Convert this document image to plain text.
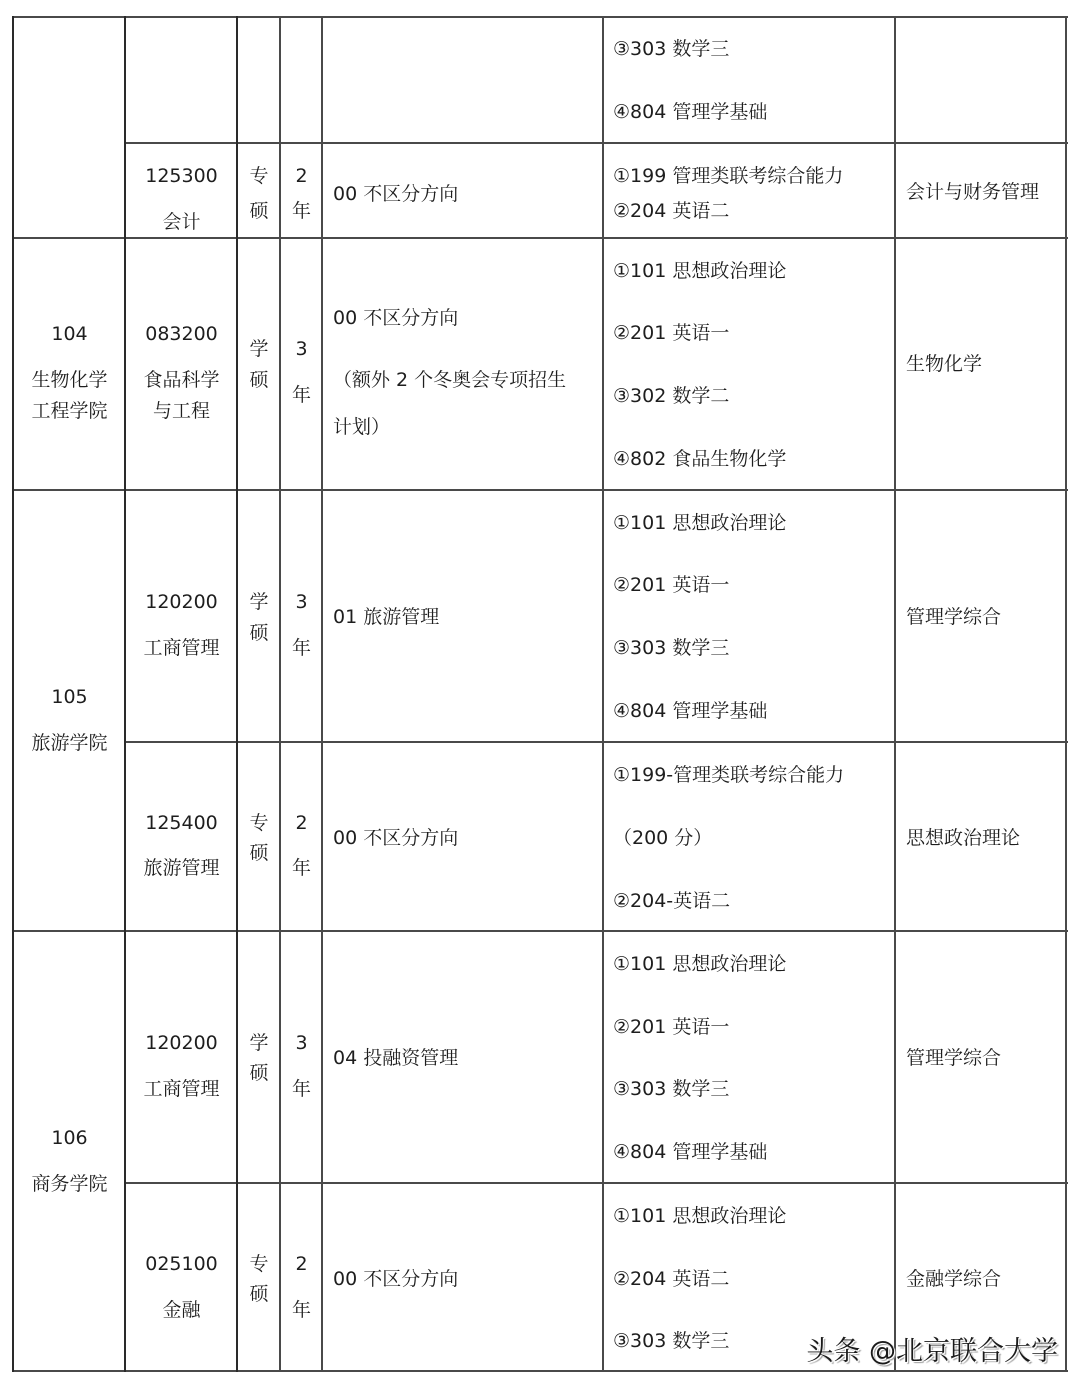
③303 数学三
④804 管理学基础
125300
会计
专
硕
2
年
00 不区分方向
①199 管理类联考综合能力
②204 英语二
会计与财务管理
104
生物化学
工程学院
083200
食品科学
与工程
学
硕
3
年
00 不区分方向
（额外 2 个冬奥会专项招生
计划）
①101 思想政治理论
②201 英语一
③302 数学二
④802 食品生物化学
生物化学
105
旅游学院
120200
工商管理
学
硕
3
年
01 旅游管理
①101 思想政治理论
②201 英语一
③303 数学三
④804 管理学基础
管理学综合
125400
旅游管理
专
硕
2
年
00 不区分方向
①199-管理类联考综合能力
（200 分）
②204-英语二
思想政治理论
106
商务学院
120200
工商管理
学
硕
3
年
04 投融资管理
①101 思想政治理论
②201 英语一
③303 数学三
④804 管理学基础
管理学综合
025100
金融
专
硕
2
年
00 不区分方向
①101 思想政治理论
②204 英语二
③303 数学三
金融学综合
头条 @北京联合大学
